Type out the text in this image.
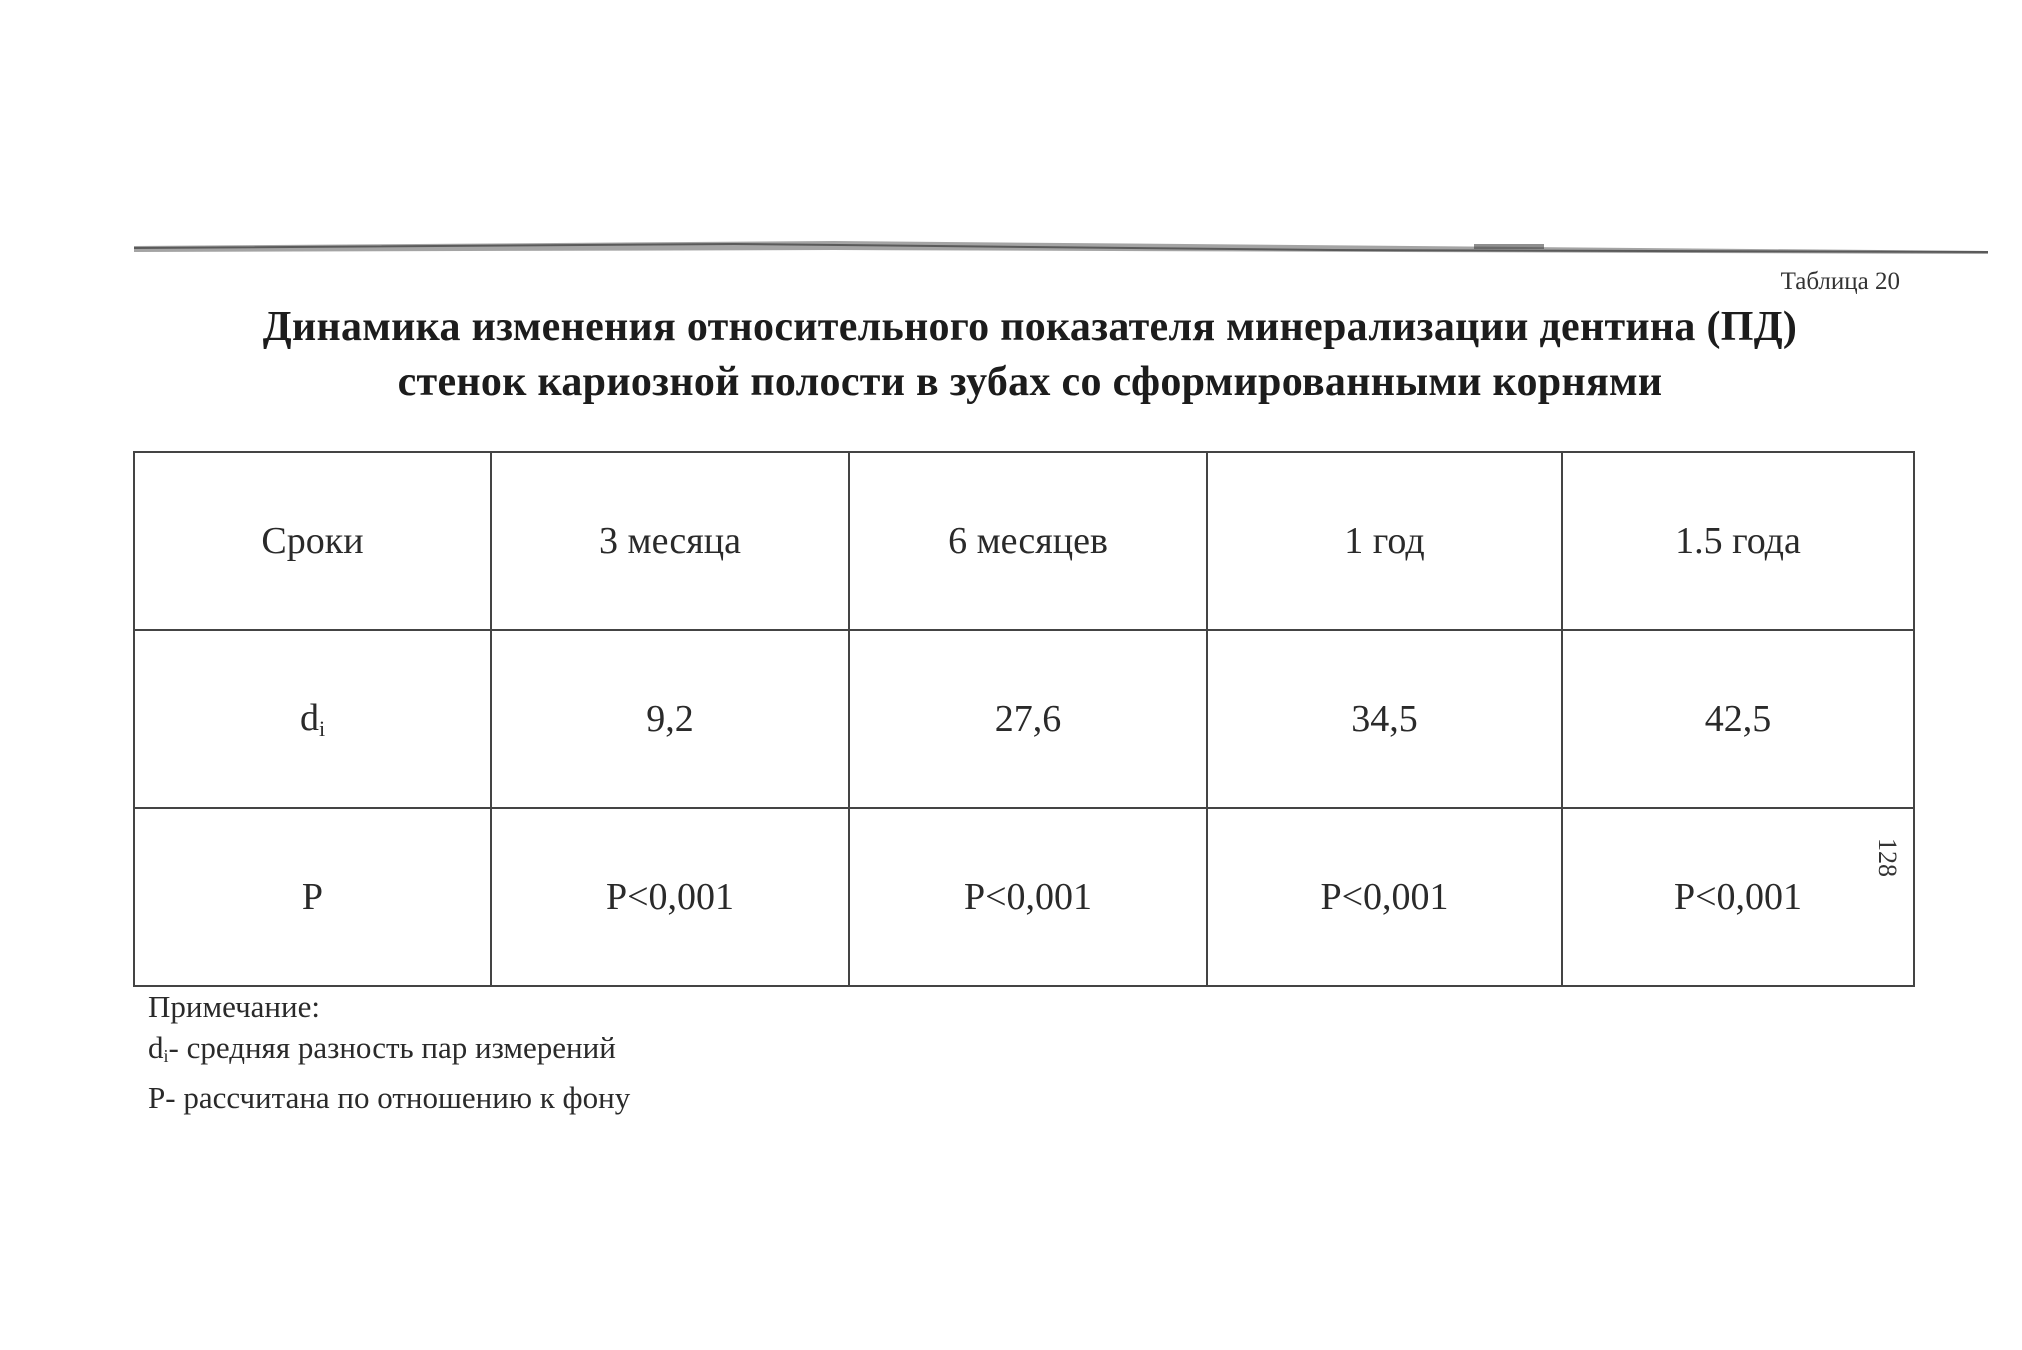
Таблица 20
Динамика изменения относительного показателя минерализации дентина (ПД)
стенок кариозной полости в зубах со сформированными корнями
Сроки	3 месяца	6 месяцев	1 год	1.5 года
$d_i$	9,2	27,6	34,5	42,5
P	P<0,001	P<0,001	P<0,001	P<0,001
128
Примечание:
$d_i-$ средняя разность пар измерений
P- рассчитана по отношению к фону
